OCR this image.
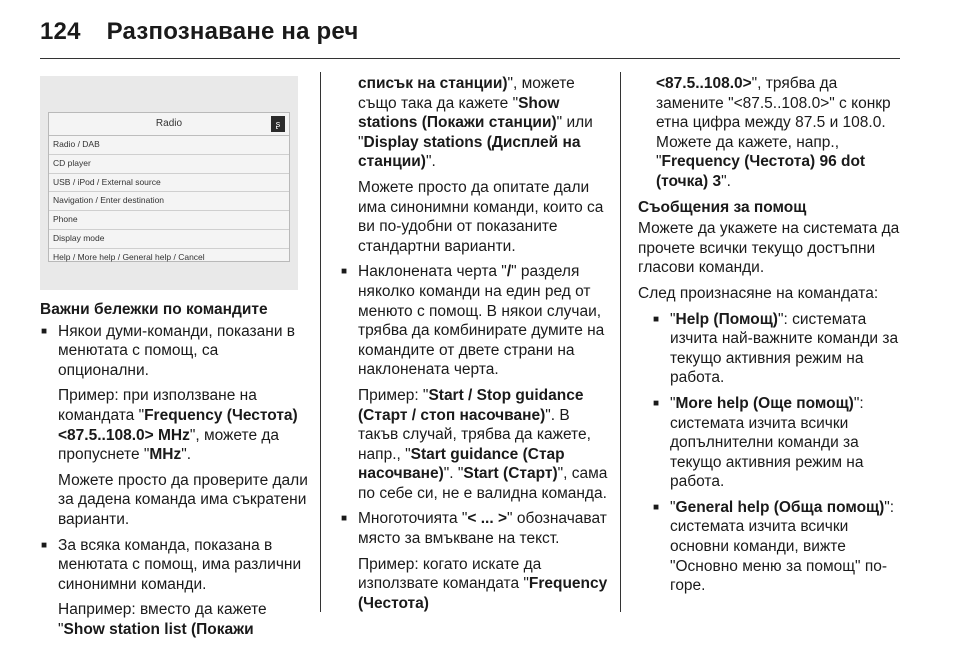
124 Разпознаване на реч
Radio	ʂ
Radio / DAB
CD player
USB / iPod / External source
Navigation / Enter destination
Phone
Display mode
Help / More help / General help / Cancel
Важни бележки по командите

■ Някои думи-команди, показани в менютата с помощ, са опционални.

Пример: при използване на командата "Frequency (Честота) <87.5..108.0> MHz", можете да пропуснете "MHz".

Можете просто да проверите дали за дадена команда има съкратени варианти.

■ За всяка команда, показана в менютата с помощ, има различни синонимни команди.

Например: вместо да кажете "Show station list (Покажи

списък на станции)", можете също така да кажете "Show stations (Покажи станции)" или "Display stations (Дисплей на станции)".

Можете просто да опитате дали има синонимни команди, които са ви по-удобни от показаните стандартни варианти.

■ Наклонената черта "/" разделя няколко команди на един ред от менюто с помощ. В някои случаи, трябва да комбинирате думите на командите от двете страни на наклонената черта.

Пример: "Start / Stop guidance (Старт / стоп насочване)". В такъв случай, трябва да кажете, напр., "Start guidance (Стар насочване)". "Start (Старт)", сама по себе си, не е валидна команда.

■ Многоточията "< ... >" обозначават място за вмъкване на текст.

Пример: когато искате да използвате командата "Frequency (Честота)

<87.5..108.0>", трябва да замените "<87.5..108.0>" с конкр етна цифра между 87.5 и 108.0. Можете да кажете, напр., "Frequency (Честота) 96 dot (точка) 3".

Съобщения за помощ

Можете да укажете на системата да прочете всички текущо достъпни гласови команди.

След произнасяне на командата:

■ "Help (Помощ)": системата изчита най-важните команди за текущо активния режим на работа.

■ "More help (Още помощ)": системата изчита всички допълнителни команди за текущо активния режим на работа.

■ "General help (Обща помощ)": системата изчита всички основни команди, вижте "Основно меню за помощ" по-горе.
